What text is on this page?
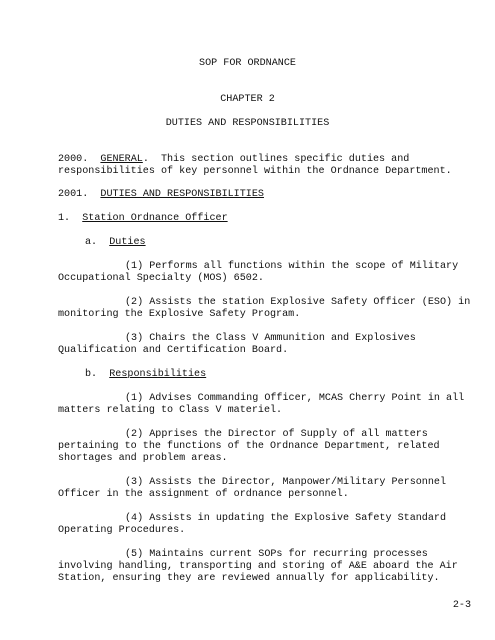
SOP FOR ORDNANCE
CHAPTER 2
DUTIES AND RESPONSIBILITIES
2000. GENERAL.  This section outlines specific duties and
responsibilities of key personnel within the Ordnance Department.
2001. DUTIES AND RESPONSIBILITIES
1. Station Ordnance Officer
a. Duties
(1) Performs all functions within the scope of Military
Occupational Specialty (MOS) 6502.
(2) Assists the station Explosive Safety Officer (ESO) in
monitoring the Explosive Safety Program.
(3) Chairs the Class V Ammunition and Explosives
Qualification and Certification Board.
b. Responsibilities
(1) Advises Commanding Officer, MCAS Cherry Point in all
matters relating to Class V materiel.
(2) Apprises the Director of Supply of all matters
pertaining to the functions of the Ordnance Department, related
shortages and problem areas.
(3) Assists the Director, Manpower/Military Personnel
Officer in the assignment of ordnance personnel.
(4) Assists in updating the Explosive Safety Standard
Operating Procedures.
(5) Maintains current SOPs for recurring processes
involving handling, transporting and storing of A&E aboard the Air
Station, ensuring they are reviewed annually for applicability.
2-3
